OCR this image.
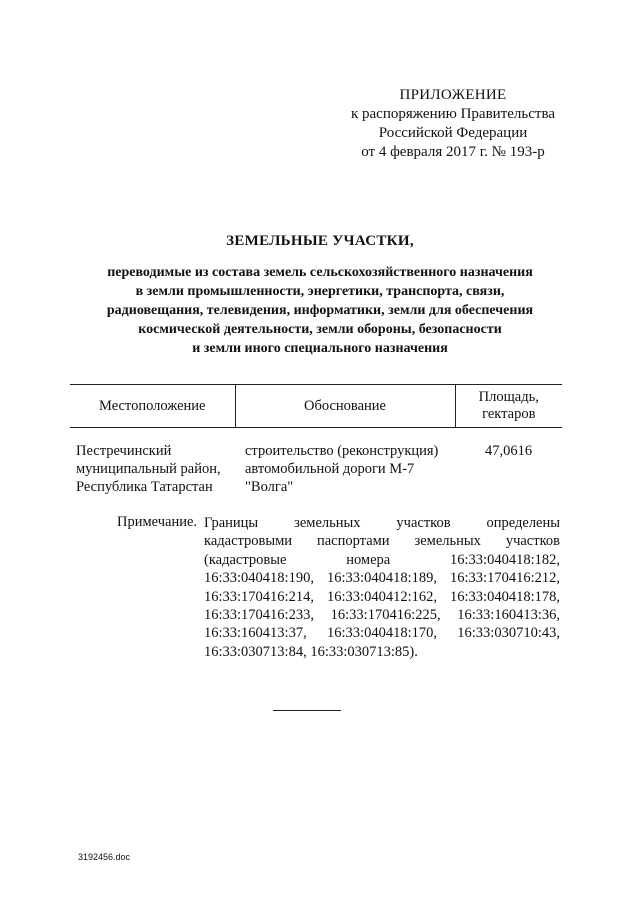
ПРИЛОЖЕНИЕ
к распоряжению Правительства
Российской Федерации
от 4 февраля 2017 г. № 193-р
ЗЕМЕЛЬНЫЕ УЧАСТКИ,
переводимые из состава земель сельскохозяйственного назначения
в земли промышленности, энергетики, транспорта, связи,
радиовещания, телевидения, информатики, земли для обеспечения
космической деятельности, земли обороны, безопасности
и земли иного специального назначения
Местоположение	Обоснование	Площадь,
гектаров

Пестречинский
муниципальный район,
Республика Татарстан	строительство (реконструкция)
автомобильной дороги М-7
"Волга"	47,0616
Примечание. Границы земельных участков определены
кадастровыми паспортами земельных участков
(кадастровые	номера	16:33:040418:182,
16:33:040418:190, 16:33:040418:189, 16:33:170416:212,
16:33:170416:214, 16:33:040412:162, 16:33:040418:178,
16:33:170416:233, 16:33:170416:225, 16:33:160413:36,
16:33:160413:37, 16:33:040418:170, 16:33:030710:43,
16:33:030713:84, 16:33:030713:85).
3192456.doc
